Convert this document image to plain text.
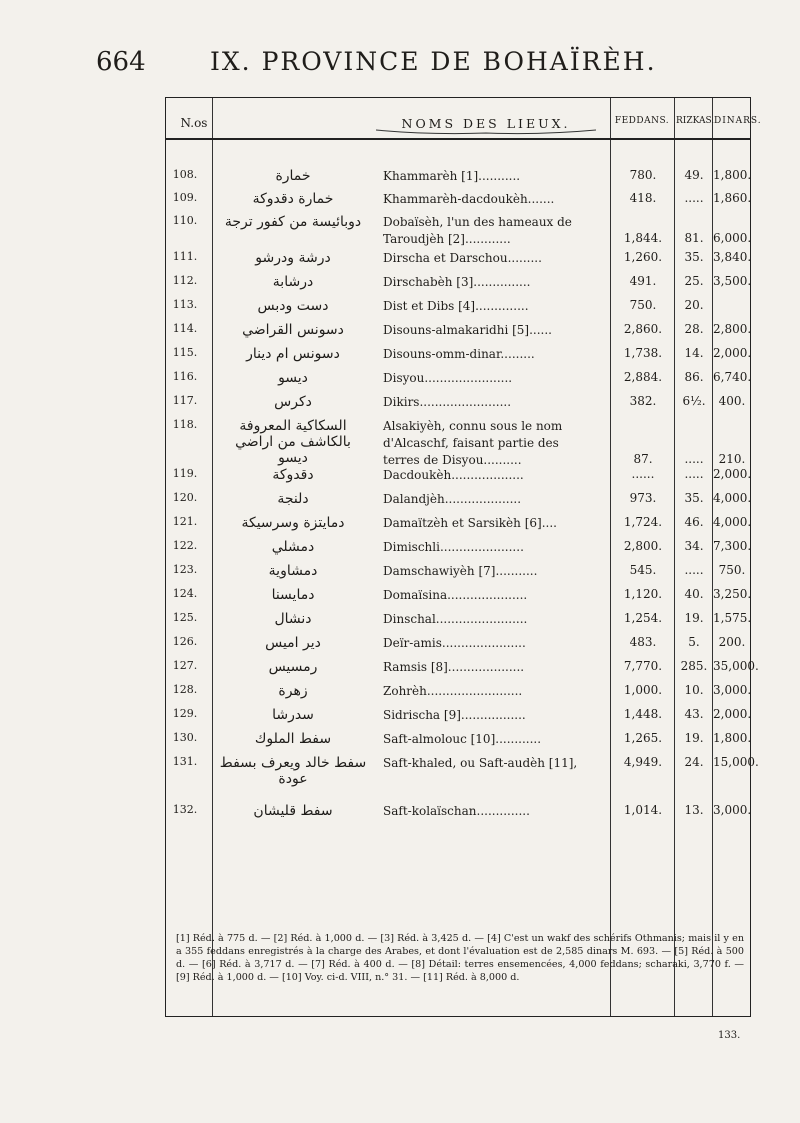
664	IX. PROVINCE DE BOHAÏRÈH.
N.os	NOMS DES LIEUX.	FEDDANS. RIZKAS. DINARS.
108.	خمارة	Khammarèh [1]...........	780.	49. 1,800.
109.	خمارة دقدوكة	Khammarèh-dacdoukèh.......	418.	..... 1,860.
110.	دوبائيسة من كفور ترجة	Dobaïsèh, l'un des hameaux de
Taroudjèh [2]............	1,844.	81. 6,000.
111.	درشة ودرشو	Dirscha et Darschou.........	1,260.	35. 3,840.
112.	درشابة	Dirschabèh [3]...............	491.	25. 3,500.
113.	دست ودبس	Dist et Dibs [4]..............	750.	20.
114.	دسونس القراضي	Disouns-almakaridhi [5]......	2,860.	28. 2,800.
115.	دسونس ام دينار	Disouns-omm-dinar.........	1,738.	14. 2,000.
116.	ديسو	Disyou.......................	2,884.	86. 6,740.
117.	دكرس	Dikirs........................	382.	6½.	400.
118.	السكاكية المعروفة بالكاشف من اراضي ديسو
Alsakiyèh, connu sous le nom
d'Alcaschf, faisant partie des
terres de Disyou..........	87.	.....	210.
119.	دقدوكة	Dacdoukèh...................	......	..... 2,000.
120.	دلنجة	Dalandjèh....................	973.	35. 4,000.
121.	دمايتزة وسرسيكة	Damaïtzèh et Sarsikèh [6]....	1,724.	46. 4,000.
122.	دمشلي	Dimischli......................	2,800.	34. 7,300.
123.	دمشاوية	Damschawiyèh [7]...........	545.	.....	750.
124.	دمايسنا	Domaïsina.....................	1,120.	40. 3,250.
125.	دنشال	Dinschal........................	1,254.	19. 1,575.
126.	دير اميس	Deïr-amis......................	483.	5.	200.
127.	رمسيس	Ramsis [8]....................	7,770.	285. 35,000.
128.	زهرة	Zohrèh.........................	1,000.	10. 3,000.
129.	سدرشا	Sidrischa [9].................	1,448.	43. 2,000.
130.	سفط الملوك	Saft-almolouc [10]............	1,265.	19. 1,800.
131.	سفط خالد ويعرف بسفط عودة
Saft-khaled, ou Saft-audèh [11],	4,949.	24. 15,000.
132.	سفط قليشان	Saft-kolaïschan..............	1,014.	13. 3,000.
[1] Réd. à 775 d. — [2] Réd. à 1,000 d. — [3] Réd. à 3,425 d. — [4] C'est un wakf des schérifs Othmanis; mais il y en a 355 feddans enregistrés à la charge des Arabes, et dont l'évaluation est de 2,585 dinars M. 693. — [5] Réd. à 500 d. — [6] Réd. à 3,717 d. — [7] Réd. à 400 d. — [8] Détail: terres ensemencées, 4,000 feddans; scharaki, 3,770 f. — [9] Réd. à 1,000 d. — [10] Voy. ci-d. VIII, n.° 31. — [11] Réd. à 8,000 d.
133.
